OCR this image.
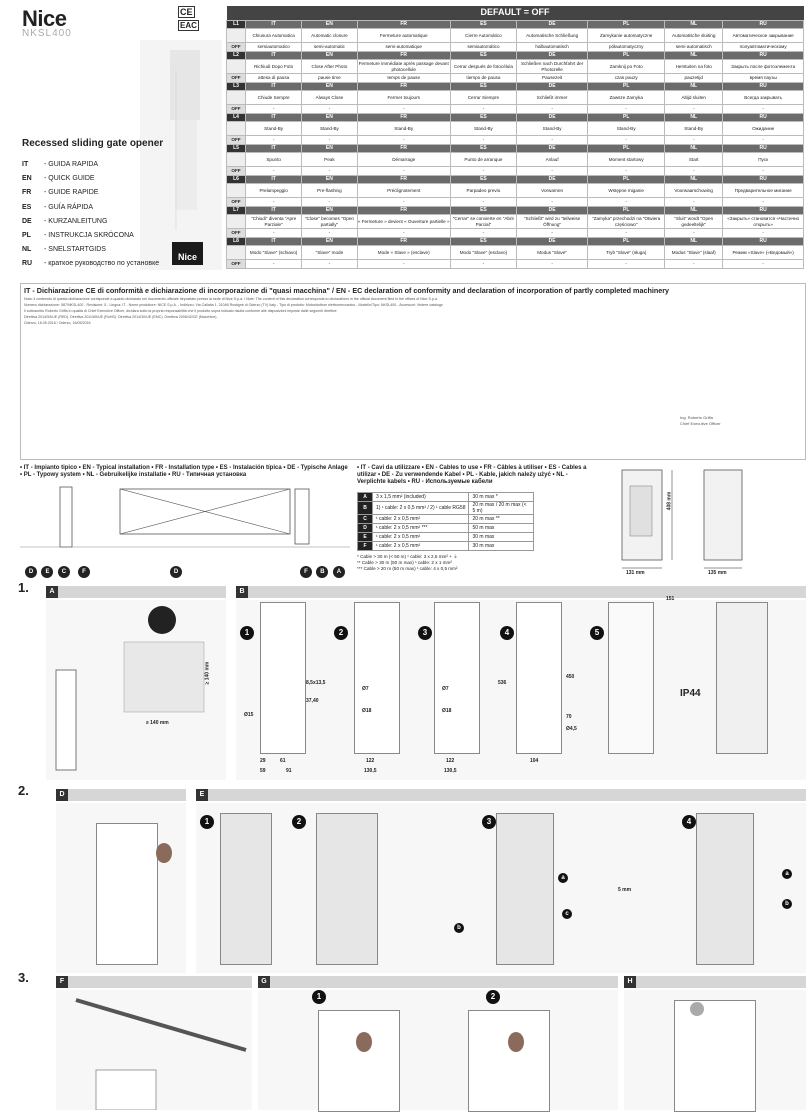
Nice
NKSL400
CE
EAC
Nice
Recessed sliding gate opener
IT - GUIDA RAPIDA
EN - QUICK GUIDE
FR - GUIDE RAPIDE
ES - GUÍA RÁPIDA
DE - KURZANLEITUNG
PL - INSTRUKCJA SKRÓCONA
NL - SNELSTARTGIDS
RU - краткое руководство по установке
DEFAULT = OFF								
L1	IT	EN	FR	ES	DE	PL	NL	RU
	Chiusura Automatica	Automatic closure	Fermeture automatique	Cierre Automático	Automatische Schließung	Zamykanie automatyczne	Automatische sluiting	Автоматическое закрывание
OFF	semiautomatico	semi-automatic	semi-automatique	semiautomático	halbautomatisch	półautomatyczny	semi-automatisch	полуавтоматическому
L2	IT	EN	FR	ES	DE	PL	NL	RU
	Richiudi Dopo Foto	Close After Photo	Fermeture immédiate après passage devant photocellule	Cerrar después de fotocélula	Schließen nach Durchfahrt der Photozelle	Zamknij po Foto	Herstuiten na foto	Закрыть после фотоэлемента
OFF	attesa di pausa	pause time	temps de pause	tiempo de pausa	Pausezeit	czas pauzy	pauzetijd	время паузы
L3	IT	EN	FR	ES	DE	PL	NL	RU
	Chiude Sempre	Always Close	Fermer toujours	Cerrar Siempre	Schließt immer	Zawsze Zamyka	Altijd sluiten	Всегда закрывать
OFF	-	-	-	-	-	-	-	-
L4	IT	EN	FR	ES	DE	PL	NL	RU
	Stand-By	Stand-By	Stand-By	Stand-By	Stand-By	Stand-By	Stand-By	Ожидание
OFF	-	-	-	-	-	-	-	-
L5	IT	EN	FR	ES	DE	PL	NL	RU
	Spunto	Peak	Démarrage	Punto de arranque	Anlauf	Moment startowy	Start	Пуск
OFF	-	-	-	-	-	-	-	-
L6	IT	EN	FR	ES	DE	PL	NL	RU
	Prelampeggio	Pre-flashing	Préclignotement	Parpadeo previo	Vorwarnen	Wstępne miganie	Voorwaarschuwing	Предварительное мигание
OFF	-	-	-	-	-	-	-	-
L7	IT	EN	FR	ES	DE	PL	NL	RU
	"Chiudi" diventa "Apre Parziale"	"Close" becomes "Open partially"	« Fermeture » devient « Ouverture partielle »	"Cerrar" se convierte en "Abrir Parcial"	"Schließt" wird zu "teilweise Öffnung"	"Zamyka" przechodzi na "Otwiera częściowo"	"Sluit" wordt "Open gedeeltelijk"	«Закрыть» становится «Частично открыть»
OFF	-	-	-	-	-	-	-	-
L8	IT	EN	FR	ES	DE	PL	NL	RU
	Modo "Slave" (schiavo)	"Slave" mode	Mode « Slave » (esclave)	Modo "Slave" (esclavo)	Modus "Slave"	Tryb "Slave" (sługa)	Modus "Slave" (slaaf)	Режим «Slave» («Ведомый»)
OFF	-	-	-	-	-	-	-	-
IT - Dichiarazione CE di conformità e dichiarazione di incorporazione di "quasi macchina" / EN - EC declaration of conformity and declaration of incorporation of partly completed machinery

Nota: il contenuto di questa dichiarazione corrisponde a quanto dichiarato nel documento ufficiale depositato presso la sede di Nice S.p.a. / Note: The content of this declaration corresponds to declarations in the official document filed in the offices of Nice S.p.a.

Numero dichiarazione: 587/NKSL400 - Revisione: 5 - Lingua: IT - Nome produttore: NICE S.p.A. - Indirizzo: Via Callalta 1, 31046 Rustignè di Oderzo (TV) Italy - Tipo di prodotto: Motoriduttore elettromeccanico - Modello/Tipo: NKSL400 - Accessori: Vedere catalogo

Il sottoscritto Roberto Griffa in qualità di Chief Executive Officer, dichiara sotto la propria responsabilità che il prodotto sopra indicato risulta conforme alle disposizioni imposte dalle seguenti direttive

Direttiva 2014/53/UE (RED). Direttiva 2011/65/UE (RoHS). Direttiva 2014/30/UE (EMC). Direttiva 2006/42/CE (Macchine).

Oderzo, 16.05.2016 / Oderzo, 16/05/2016

Ing. Roberto Griffa
Chief Executive Officer
• IT - Impianto tipico • EN - Typical installation • FR - Installation type • ES - Instalación típica • DE - Typische Anlage • PL - Typowy system • NL - Gebruikelijke installatie • RU - Типичная установка
D E C	F	D	F B A
• IT - Cavi da utilizzare • EN - Cables to use • FR - Câbles à utiliser • ES - Cables a utilizar • DE - Zu verwendende Kabel • PL - Kable, jakich należy użyć • NL - Verplichte kabels • RU - Используемые кабели
A	3 x 1,5 mm² (included)	30 m max *
B	1) ¹ cable: 2 x 0,5 mm² / 2) ¹ cable RG58	20 m max / 20 m max (< 5 m)
C	¹ cable: 2 x 0,5 mm²	20 m max **
D	¹ cable: 2 x 0,5 mm² ***	50 m max
E	¹ cable: 2 x 0,5 mm²	30 m max
F	¹ cable: 2 x 0,5 mm²	30 m max
* Cable > 30 m (< 50 m) ¹ cable: 3 x 2,5 mm² + ⏚
** Cable > 30 m (50 m max) ¹ cable: 2 x 1 mm²
*** Cable > 20 m (50 m max) ¹ cable: 4 x 0,5 mm²
408 mm
131 mm	135 mm
1.	A	B
≥ 140 mm
≥ 140 mm
1	2	3	4	5
8,5x13,5
Ø7	Ø7
Ø15
Ø18	Ø18
37,40
536
450
70
Ø4,5
151
IP44
29	61
59	91
122
130,5
122
130,5
104
2.	D	E
1	2	3	4
a
b
c
a
b
5 mm
3.	F	G	H
1	2
